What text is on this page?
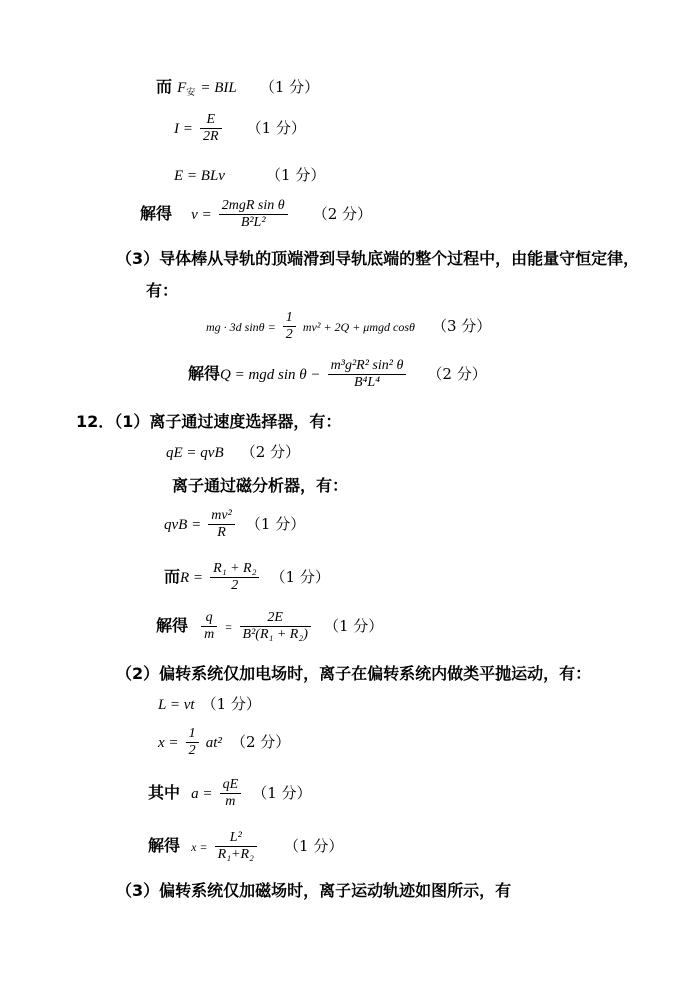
而 $F_安$ = BIL （1 分）
$I = \frac{E}{2R} (1$ 分）
E = BLv	（1 分）
解得 v =
2mgR sin θ
B²L²	（2 分）
（3）导体棒从导轨的顶端滑到导轨底端的整个过程中，由能量守恒定律，
有：
mg · 3d $\sin\theta = \frac{1}{2} mv^2 + 2Q + \mu mgd$ cosθ （3 分）
解得Q = mgd $\sin \theta - \frac{\text{m³g²R² sin² θ}}{\text{B⁴L⁴}} (2$ 分）
12．（1）离子通过速度选择器，有：
qE = qvB （2 分）
离子通过磁分析器，有：
qvB = $\frac{\text{mv²}}{R} (1$ 分）
而$R = \frac{\text{R₁ + R₂}}{2} (1$ 分）
解得 $\frac{q}{m} = \frac{2E}{\text{B²(R₁ + R₂)}} (1$ 分）
（2）偏转系统仅加电场时，离子在偏转系统内做类平抛运动，有：
L = vt （1 分）
$x = \frac{1}{2} at^2$ （2 分）
其中 $a = \frac{qE}{m} (1$ 分）
解得 $x = \frac{\text{L²}}{\text{R₁+R₂}} (1$ 分）
（3）偏转系统仅加磁场时，离子运动轨迹如图所示，有
